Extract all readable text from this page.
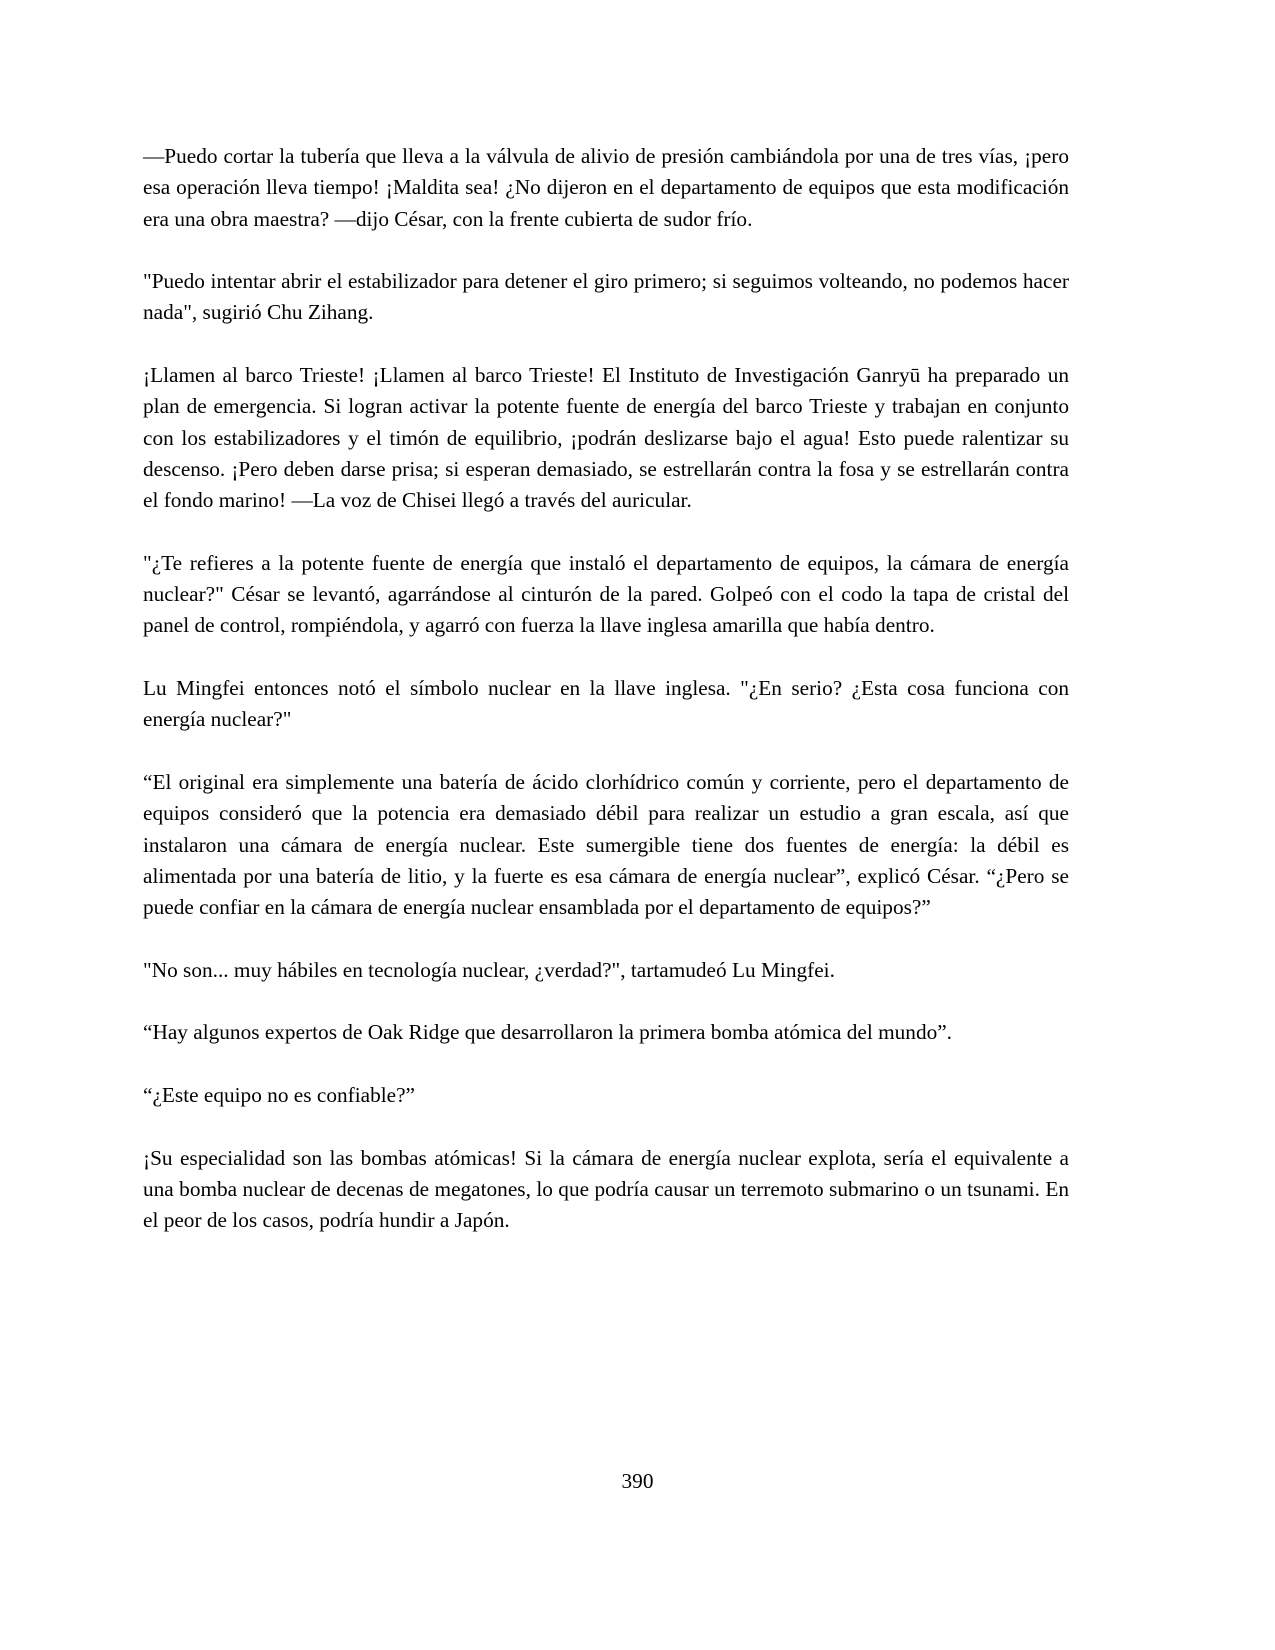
—Puedo cortar la tubería que lleva a la válvula de alivio de presión cambiándola por una de tres vías, ¡pero esa operación lleva tiempo! ¡Maldita sea! ¿No dijeron en el departamento de equipos que esta modificación era una obra maestra? —dijo César, con la frente cubierta de sudor frío.

"Puedo intentar abrir el estabilizador para detener el giro primero; si seguimos volteando, no podemos hacer nada", sugirió Chu Zihang.

¡Llamen al barco Trieste! ¡Llamen al barco Trieste! El Instituto de Investigación Ganryū ha preparado un plan de emergencia. Si logran activar la potente fuente de energía del barco Trieste y trabajan en conjunto con los estabilizadores y el timón de equilibrio, ¡podrán deslizarse bajo el agua! Esto puede ralentizar su descenso. ¡Pero deben darse prisa; si esperan demasiado, se estrellarán contra la fosa y se estrellarán contra el fondo marino! —La voz de Chisei llegó a través del auricular.

"¿Te refieres a la potente fuente de energía que instaló el departamento de equipos, la cámara de energía nuclear?" César se levantó, agarrándose al cinturón de la pared. Golpeó con el codo la tapa de cristal del panel de control, rompiéndola, y agarró con fuerza la llave inglesa amarilla que había dentro.

Lu Mingfei entonces notó el símbolo nuclear en la llave inglesa. "¿En serio? ¿Esta cosa funciona con energía nuclear?"

“El original era simplemente una batería de ácido clorhídrico común y corriente, pero el departamento de equipos consideró que la potencia era demasiado débil para realizar un estudio a gran escala, así que instalaron una cámara de energía nuclear. Este sumergible tiene dos fuentes de energía: la débil es alimentada por una batería de litio, y la fuerte es esa cámara de energía nuclear”, explicó César. “¿Pero se puede confiar en la cámara de energía nuclear ensamblada por el departamento de equipos?”

"No son... muy hábiles en tecnología nuclear, ¿verdad?", tartamudeó Lu Mingfei.

“Hay algunos expertos de Oak Ridge que desarrollaron la primera bomba atómica del mundo”.

“¿Este equipo no es confiable?”

¡Su especialidad son las bombas atómicas! Si la cámara de energía nuclear explota, sería el equivalente a una bomba nuclear de decenas de megatones, lo que podría causar un terremoto submarino o un tsunami. En el peor de los casos, podría hundir a Japón.

390
